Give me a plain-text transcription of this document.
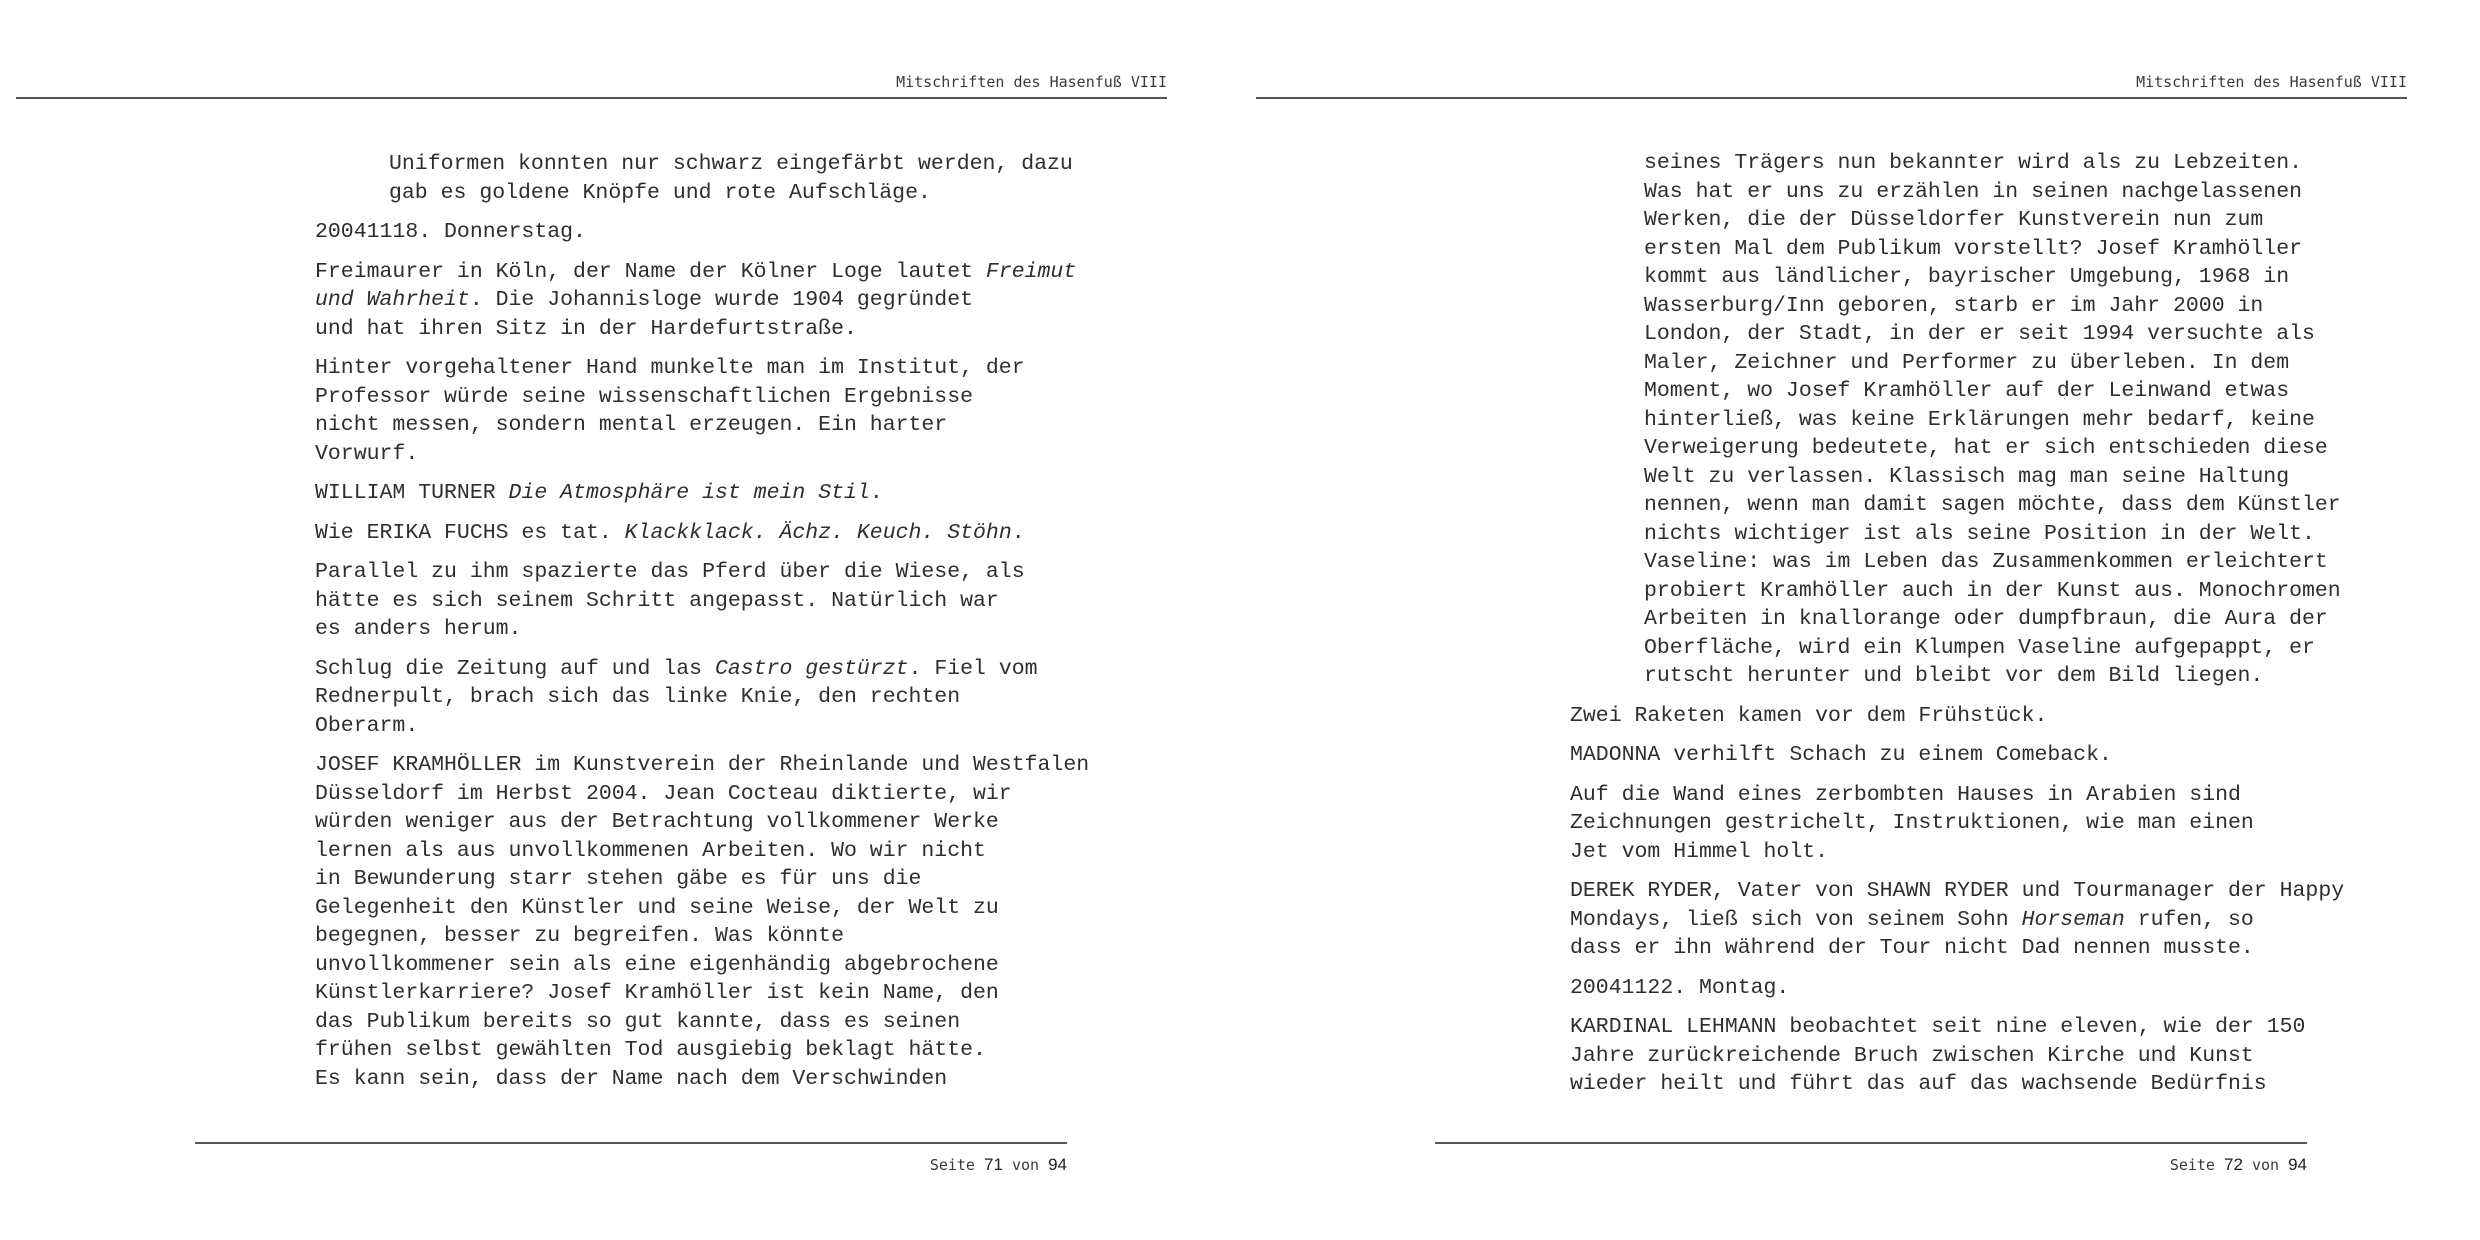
Mitschriften des Hasenfuß VIII
Uniformen konnten nur schwarz eingefärbt werden, dazu
gab es goldene Knöpfe und rote Aufschläge.
20041118. Donnerstag.
Freimaurer in Köln, der Name der Kölner Loge lautet Freimut
und Wahrheit. Die Johannisloge wurde 1904 gegründet
und hat ihren Sitz in der Hardefurtstraße.
Hinter vorgehaltener Hand munkelte man im Institut, der
Professor würde seine wissenschaftlichen Ergebnisse
nicht messen, sondern mental erzeugen. Ein harter
Vorwurf.
WILLIAM TURNER Die Atmosphäre ist mein Stil.
Wie ERIKA FUCHS es tat. Klackklack. Ächz. Keuch. Stöhn.
Parallel zu ihm spazierte das Pferd über die Wiese, als
hätte es sich seinem Schritt angepasst. Natürlich war
es anders herum.
Schlug die Zeitung auf und las Castro gestürzt. Fiel vom
Rednerpult, brach sich das linke Knie, den rechten
Oberarm.
JOSEF KRAMHÖLLER im Kunstverein der Rheinlande und Westfalen
Düsseldorf im Herbst 2004. Jean Cocteau diktierte, wir
würden weniger aus der Betrachtung vollkommener Werke
lernen als aus unvollkommenen Arbeiten. Wo wir nicht
in Bewunderung starr stehen gäbe es für uns die
Gelegenheit den Künstler und seine Weise, der Welt zu
begegnen, besser zu begreifen. Was könnte
unvollkommener sein als eine eigenhändig abgebrochene
Künstlerkarriere? Josef Kramhöller ist kein Name, den
das Publikum bereits so gut kannte, dass es seinen
frühen selbst gewählten Tod ausgiebig beklagt hätte.
Es kann sein, dass der Name nach dem Verschwinden
Seite 71 von 94
Mitschriften des Hasenfuß VIII
seines Trägers nun bekannter wird als zu Lebzeiten.
Was hat er uns zu erzählen in seinen nachgelassenen
Werken, die der Düsseldorfer Kunstverein nun zum
ersten Mal dem Publikum vorstellt? Josef Kramhöller
kommt aus ländlicher, bayrischer Umgebung, 1968 in
Wasserburg/Inn geboren, starb er im Jahr 2000 in
London, der Stadt, in der er seit 1994 versuchte als
Maler, Zeichner und Performer zu überleben. In dem
Moment, wo Josef Kramhöller auf der Leinwand etwas
hinterließ, was keine Erklärungen mehr bedarf, keine
Verweigerung bedeutete, hat er sich entschieden diese
Welt zu verlassen. Klassisch mag man seine Haltung
nennen, wenn man damit sagen möchte, dass dem Künstler
nichts wichtiger ist als seine Position in der Welt.
Vaseline: was im Leben das Zusammenkommen erleichtert
probiert Kramhöller auch in der Kunst aus. Monochromen
Arbeiten in knallorange oder dumpfbraun, die Aura der
Oberfläche, wird ein Klumpen Vaseline aufgepappt, er
rutscht herunter und bleibt vor dem Bild liegen.
Zwei Raketen kamen vor dem Frühstück.
MADONNA verhilft Schach zu einem Comeback.
Auf die Wand eines zerbombten Hauses in Arabien sind
Zeichnungen gestrichelt, Instruktionen, wie man einen
Jet vom Himmel holt.
DEREK RYDER, Vater von SHAWN RYDER und Tourmanager der Happy
Mondays, ließ sich von seinem Sohn Horseman rufen, so
dass er ihn während der Tour nicht Dad nennen musste.
20041122. Montag.
KARDINAL LEHMANN beobachtet seit nine eleven, wie der 150
Jahre zurückreichende Bruch zwischen Kirche und Kunst
wieder heilt und führt das auf das wachsende Bedürfnis
Seite 72 von 94
